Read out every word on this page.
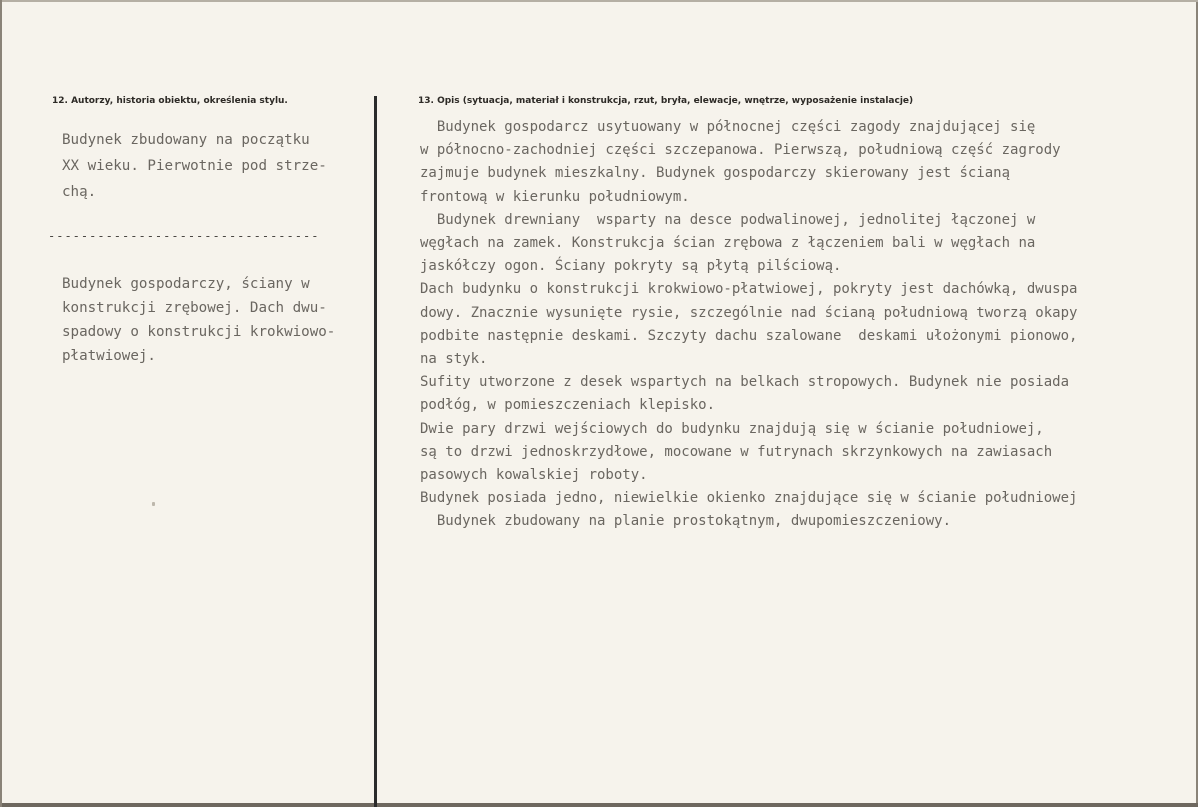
12. Autorzy, historia obiektu, określenia stylu.	13. Opis (sytuacja, materiał i konstrukcja, rzut, bryła, elewacje, wnętrze, wyposażenie instalacje)
Budynek zbudowany na początku
XX wieku. Pierwotnie pod strze-
chą.
---------------------------------
Budynek gospodarczy, ściany w
konstrukcji zrębowej. Dach dwu-
spadowy o konstrukcji krokwiowo-
płatwiowej.
Budynek gospodarcz usytuowany w północnej części zagody znajdującej się
w północno-zachodniej części szczepanowa. Pierwszą, południową część zagrody
zajmuje budynek mieszkalny. Budynek gospodarczy skierowany jest ścianą
frontową w kierunku południowym.
Budynek drewniany  wsparty na desce podwalinowej, jednolitej łączonej w
węgłach na zamek. Konstrukcja ścian zrębowa z łączeniem bali w węgłach na
jaskółczy ogon. Ściany pokryty są płytą pilściową.
Dach budynku o konstrukcji krokwiowo-płatwiowej, pokryty jest dachówką, dwuspa
dowy. Znacznie wysunięte rysie, szczególnie nad ścianą południową tworzą okapy
podbite następnie deskami. Szczyty dachu szalowane  deskami ułożonymi pionowo,
na styk.
Sufity utworzone z desek wspartych na belkach stropowych. Budynek nie posiada
podłóg, w pomieszczeniach klepisko.
Dwie pary drzwi wejściowych do budynku znajdują się w ścianie południowej,
są to drzwi jednoskrzydłowe, mocowane w futrynach skrzynkowych na zawiasach
pasowych kowalskiej roboty.
Budynek posiada jedno, niewielkie okienko znajdujące się w ścianie południowej
Budynek zbudowany na planie prostokątnym, dwupomieszczeniowy.
